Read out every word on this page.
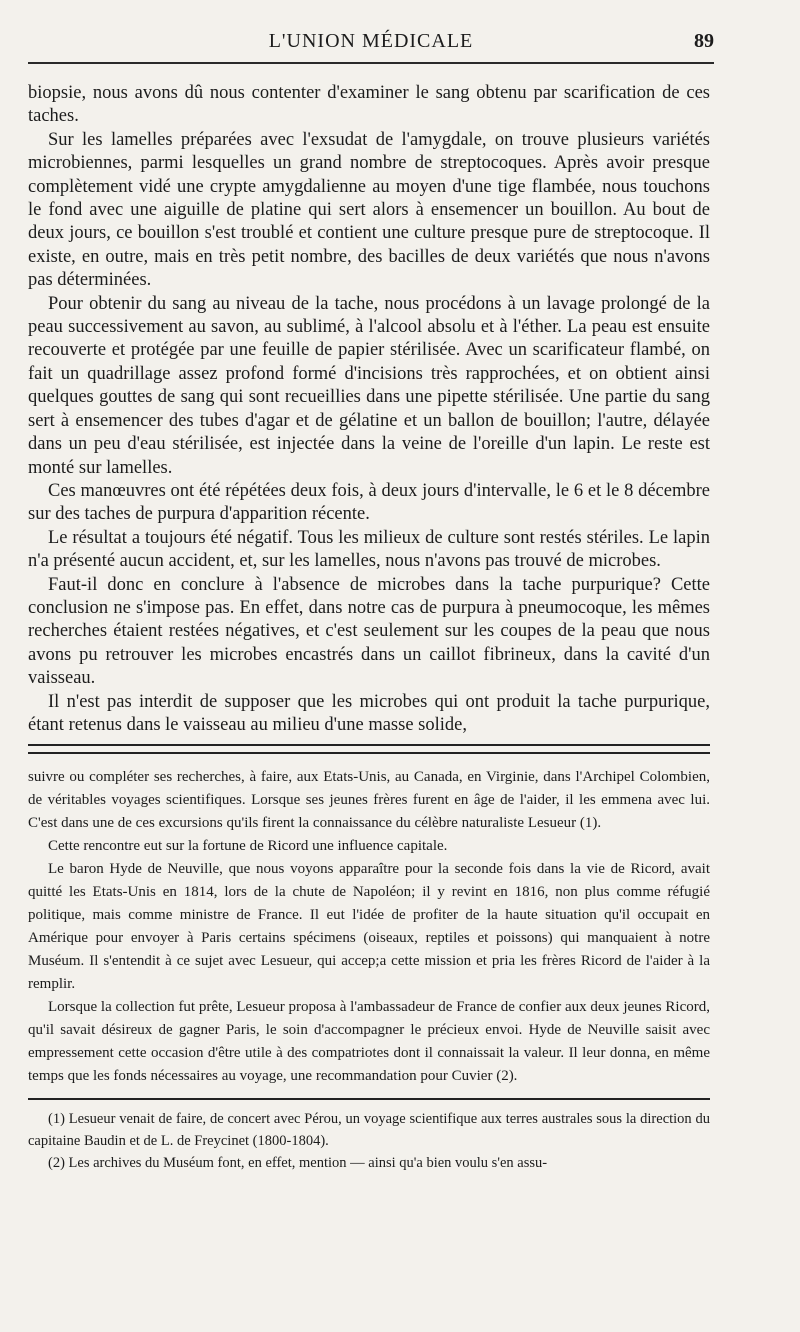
L'UNION MÉDICALE	89

biopsie, nous avons dû nous contenter d'examiner le sang obtenu par scarification de ces taches.

Sur les lamelles préparées avec l'exsudat de l'amygdale, on trouve plusieurs variétés microbiennes, parmi lesquelles un grand nombre de streptocoques. Après avoir presque complètement vidé une crypte amygdalienne au moyen d'une tige flambée, nous touchons le fond avec une aiguille de platine qui sert alors à ensemencer un bouillon. Au bout de deux jours, ce bouillon s'est troublé et contient une culture presque pure de streptocoque. Il existe, en outre, mais en très petit nombre, des bacilles de deux variétés que nous n'avons pas déterminées.

Pour obtenir du sang au niveau de la tache, nous procédons à un lavage prolongé de la peau successivement au savon, au sublimé, à l'alcool absolu et à l'éther. La peau est ensuite recouverte et protégée par une feuille de papier stérilisée. Avec un scarificateur flambé, on fait un quadrillage assez profond formé d'incisions très rapprochées, et on obtient ainsi quelques gouttes de sang qui sont recueillies dans une pipette stérilisée. Une partie du sang sert à ensemencer des tubes d'agar et de gélatine et un ballon de bouillon; l'autre, délayée dans un peu d'eau stérilisée, est injectée dans la veine de l'oreille d'un lapin. Le reste est monté sur lamelles.

Ces manœuvres ont été répétées deux fois, à deux jours d'intervalle, le 6 et le 8 décembre sur des taches de purpura d'apparition récente.

Le résultat a toujours été négatif. Tous les milieux de culture sont restés stériles. Le lapin n'a présenté aucun accident, et, sur les lamelles, nous n'avons pas trouvé de microbes.

Faut-il donc en conclure à l'absence de microbes dans la tache purpurique? Cette conclusion ne s'impose pas. En effet, dans notre cas de purpura à pneumocoque, les mêmes recherches étaient restées négatives, et c'est seulement sur les coupes de la peau que nous avons pu retrouver les microbes encastrés dans un caillot fibrineux, dans la cavité d'un vaisseau.

Il n'est pas interdit de supposer que les microbes qui ont produit la tache purpurique, étant retenus dans le vaisseau au milieu d'une masse solide,

suivre ou compléter ses recherches, à faire, aux Etats-Unis, au Canada, en Virginie, dans l'Archipel Colombien, de véritables voyages scientifiques. Lorsque ses jeunes frères furent en âge de l'aider, il les emmena avec lui. C'est dans une de ces excursions qu'ils firent la connaissance du célèbre naturaliste Lesueur (1).

Cette rencontre eut sur la fortune de Ricord une influence capitale.

Le baron Hyde de Neuville, que nous voyons apparaître pour la seconde fois dans la vie de Ricord, avait quitté les Etats-Unis en 1814, lors de la chute de Napoléon; il y revint en 1816, non plus comme réfugié politique, mais comme ministre de France. Il eut l'idée de profiter de la haute situation qu'il occupait en Amérique pour envoyer à Paris certains spécimens (oiseaux, reptiles et poissons) qui manquaient à notre Muséum. Il s'entendit à ce sujet avec Lesueur, qui accep;a cette mission et pria les frères Ricord de l'aider à la remplir.

Lorsque la collection fut prête, Lesueur proposa à l'ambassadeur de France de confier aux deux jeunes Ricord, qu'il savait désireux de gagner Paris, le soin d'accompagner le précieux envoi. Hyde de Neuville saisit avec empressement cette occasion d'être utile à des compatriotes dont il connaissait la valeur. Il leur donna, en même temps que les fonds nécessaires au voyage, une recommandation pour Cuvier (2).

(1) Lesueur venait de faire, de concert avec Pérou, un voyage scientifique aux terres australes sous la direction du capitaine Baudin et de L. de Freycinet (1800-1804).

(2) Les archives du Muséum font, en effet, mention — ainsi qu'a bien voulu s'en assu-
